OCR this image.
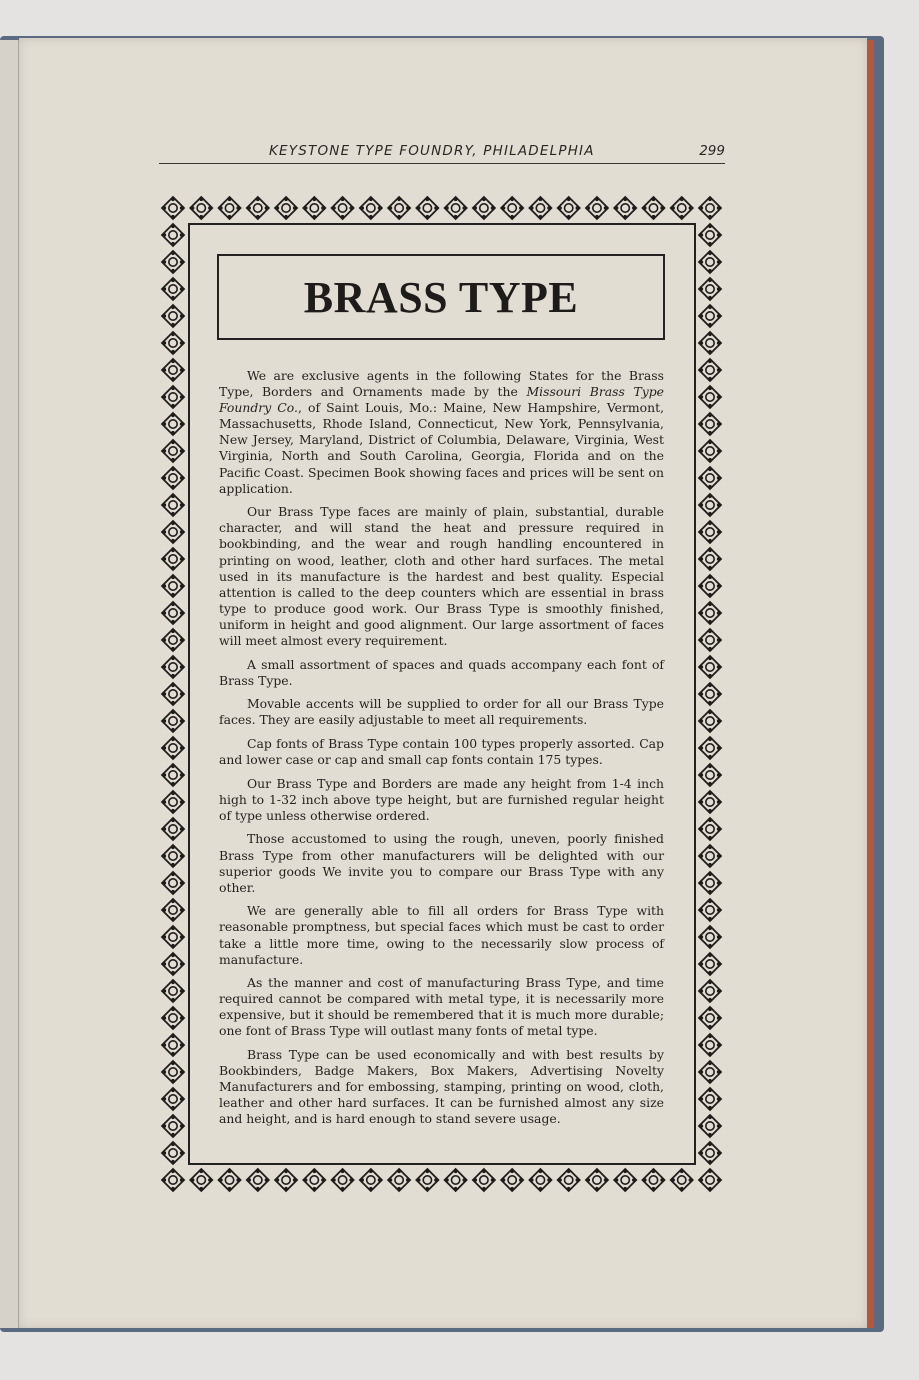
KEYSTONE TYPE FOUNDRY, PHILADELPHIA	299
BRASS TYPE

We are exclusive agents in the following States for the Brass Type, Borders and Ornaments made by the Missouri Brass Type Foundry Co., of Saint Louis, Mo.: Maine, New Hampshire, Vermont, Massachusetts, Rhode Island, Connecticut, New York, Pennsylvania, New Jersey, Maryland, District of Columbia, Delaware, Virginia, West Virginia, North and South Carolina, Georgia, Florida and on the Pacific Coast. Specimen Book showing faces and prices will be sent on application.

Our Brass Type faces are mainly of plain, substantial, durable character, and will stand the heat and pressure required in bookbinding, and the wear and rough handling encountered in printing on wood, leather, cloth and other hard surfaces. The metal used in its manufacture is the hardest and best quality. Especial attention is called to the deep counters which are essential in brass type to produce good work. Our Brass Type is smoothly finished, uniform in height and good alignment. Our large assortment of faces will meet almost every requirement.

A small assortment of spaces and quads accompany each font of Brass Type.

Movable accents will be supplied to order for all our Brass Type faces. They are easily adjustable to meet all requirements.

Cap fonts of Brass Type contain 100 types properly assorted. Cap and lower case or cap and small cap fonts contain 175 types.

Our Brass Type and Borders are made any height from 1-4 inch high to 1-32 inch above type height, but are furnished regular height of type unless otherwise ordered.

Those accustomed to using the rough, uneven, poorly finished Brass Type from other manufacturers will be delighted with our superior goods We invite you to compare our Brass Type with any other.

We are generally able to fill all orders for Brass Type with reasonable promptness, but special faces which must be cast to order take a little more time, owing to the necessarily slow process of manufacture.

As the manner and cost of manufacturing Brass Type, and time required cannot be compared with metal type, it is necessarily more expensive, but it should be remembered that it is much more durable; one font of Brass Type will outlast many fonts of metal type.

Brass Type can be used economically and with best results by Bookbinders, Badge Makers, Box Makers, Advertising Novelty Manufacturers and for embossing, stamping, printing on wood, cloth, leather and other hard surfaces. It can be furnished almost any size and height, and is hard enough to stand severe usage.
